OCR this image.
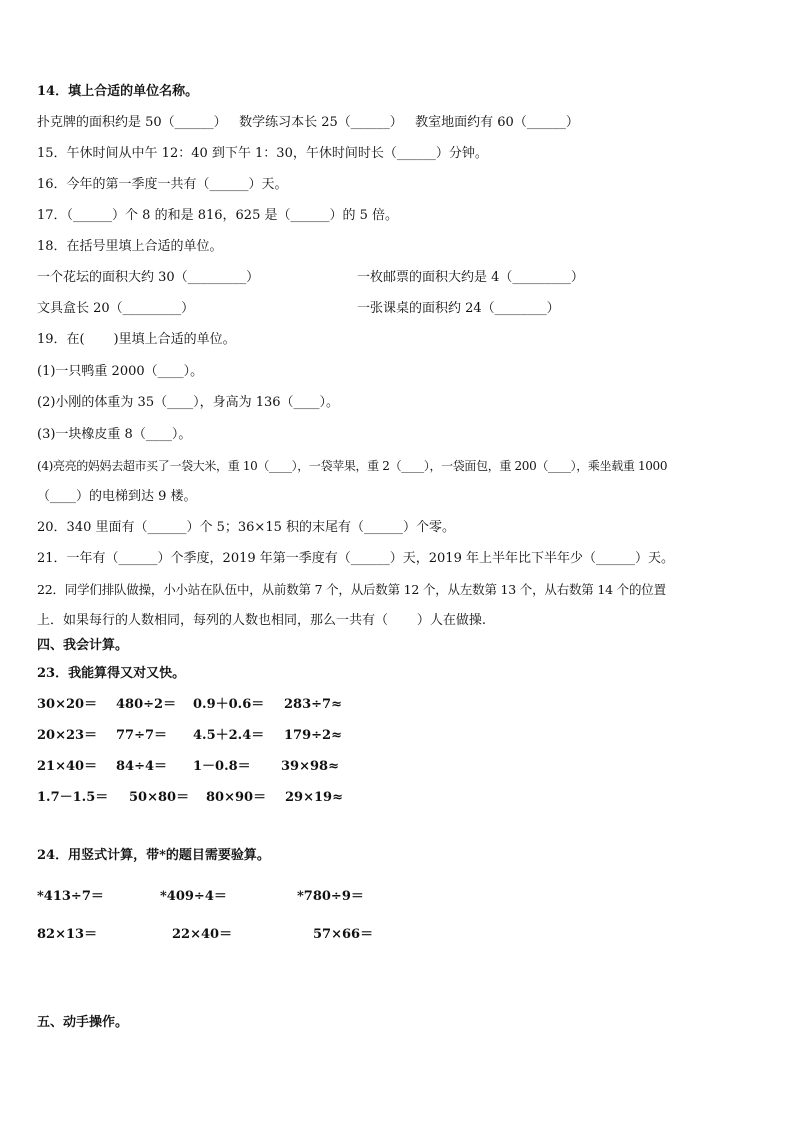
14．填上合适的单位名称。
扑克牌的面积约是 50（______）   数学练习本长 25（______）   教室地面约有 60（______）
15．午休时间从中午 12：40 到下午 1：30，午休时间时长（______）分钟。
16．今年的第一季度一共有（______）天。
17．（______）个 8 的和是 816，625 是（______）的 5 倍。
18．在括号里填上合适的单位。
一个花坛的面积大约 30（_________）	一枚邮票的面积大约是 4（_________）
文具盒长 20（_________）	一张课桌的面积约 24（________）
19．在(       )里填上合适的单位。
(1)一只鸭重 2000（____）。
(2)小刚的体重为 35（____），身高为 136（____）。
(3)一块橡皮重 8（____）。
(4)亮亮的妈妈去超市买了一袋大米，重 10（____），一袋苹果，重 2（____），一袋面包，重 200（____），乘坐载重 1000
（____）的电梯到达 9 楼。
20．340 里面有（______）个 5；36×15 积的末尾有（______）个零。
21．一年有（______）个季度，2019 年第一季度有（______）天，2019 年上半年比下半年少（______）天。
22．同学们排队做操，小小站在队伍中，从前数第 7 个，从后数第 12 个，从左数第 13 个，从右数第 14 个的位置
上．如果每行的人数相同，每列的人数也相同，那么一共有（       ）人在做操.
四、我会计算。
23．我能算得又对又快。
30×20＝ 480÷2＝ 0.9＋0.6＝ 283÷7≈
20×23＝ 77÷7＝ 4.5＋2.4＝ 179÷2≈
21×40＝ 84÷4＝ 1－0.8＝ 39×98≈
1.7－1.5＝ 50×80＝ 80×90＝ 29×19≈
24．用竖式计算，带*的题目需要验算。
*413÷7＝	*409÷4＝	*780÷9＝
82×13＝	22×40＝	57×66＝
五、动手操作。
